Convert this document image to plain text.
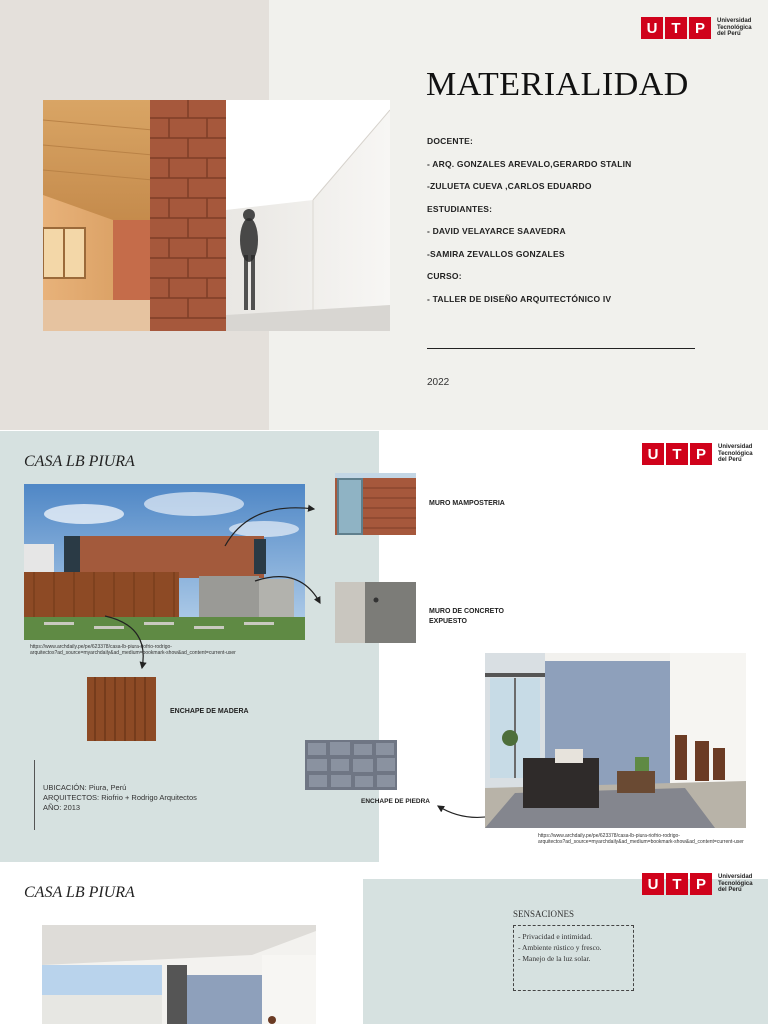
U T P	Universidad
Tecnológica
del Perú
MATERIALIDAD
DOCENTE:
- ARQ. GONZALES AREVALO,GERARDO STALIN
-ZULUETA CUEVA ,CARLOS EDUARDO
ESTUDIANTES:
- DAVID VELAYARCE SAAVEDRA
-SAMIRA ZEVALLOS GONZALES
CURSO:
- TALLER DE DISEÑO ARQUITECTÓNICO IV
2022
CASA LB PIURA	U T P	Universidad
Tecnológica
del Perú
https://www.archdaily.pe/pe/623378/casa-lb-piura-riofrio-rodrigo-
arquitectos?ad_source=myarchdaily&ad_medium=bookmark-show&ad_content=current-user
MURO MAMPOSTERIA
MURO DE CONCRETO
EXPUESTO
ENCHAPE DE MADERA
UBICACIÓN: Piura, Perú
ARQUITECTOS: Riofrio + Rodrigo Arquitectos
AÑO: 2013
ENCHAPE DE PIEDRA
https://www.archdaily.pe/pe/623378/casa-lb-piura-riofrio-rodrigo-
arquitectos?ad_source=myarchdaily&ad_medium=bookmark-show&ad_content=current-user
CASA LB PIURA	U T P	Universidad
Tecnológica
del Perú
SENSACIONES
- Privacidad e intimidad.
- Ambiente rústico y fresco.
- Manejo de la luz solar.
